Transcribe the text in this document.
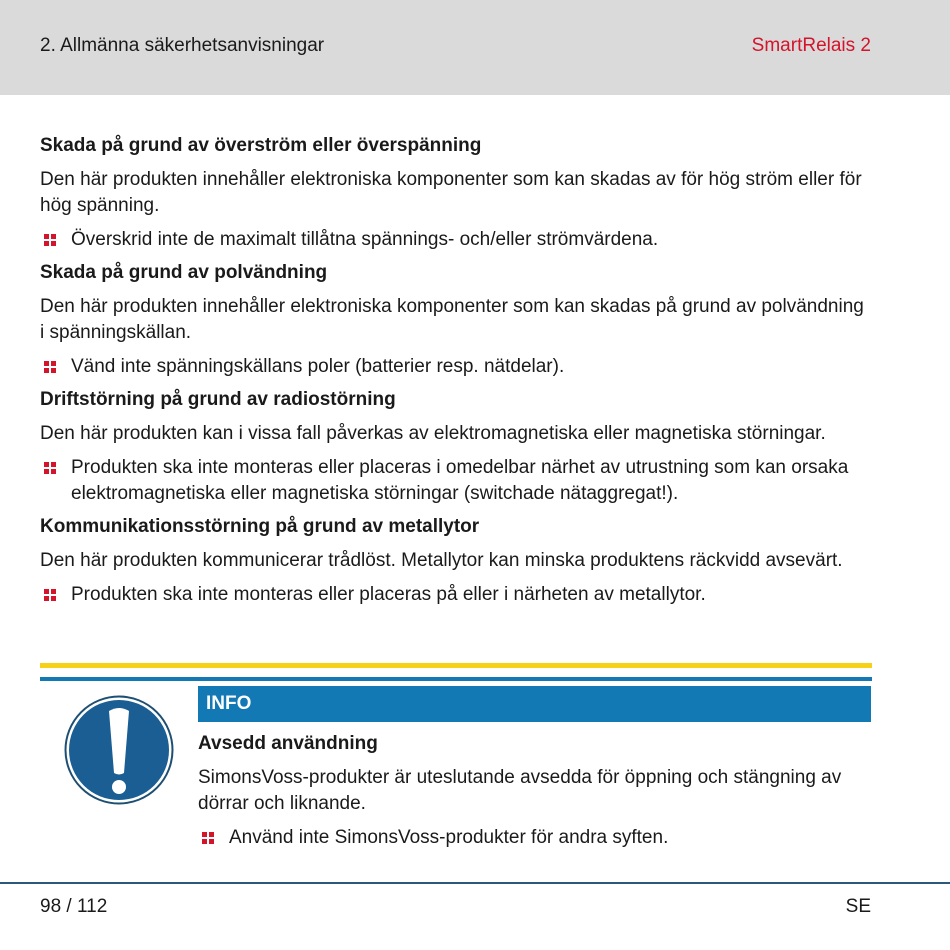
2. Allmänna säkerhetsanvisningar	SmartRelais 2
Skada på grund av överström eller överspänning
Den här produkten innehåller elektroniska komponenter som kan skadas av för hög ström eller för hög spänning.
Överskrid inte de maximalt tillåtna spännings- och/eller strömvärdena.
Skada på grund av polvändning
Den här produkten innehåller elektroniska komponenter som kan skadas på grund av polvändning i spänningskällan.
Vänd inte spänningskällans poler (batterier resp. nätdelar).
Driftstörning på grund av radiostörning
Den här produkten kan i vissa fall påverkas av elektromagnetiska eller magnetiska störningar.
Produkten ska inte monteras eller placeras i omedelbar närhet av utrustning som kan orsaka elektromagnetiska eller magnetiska störningar (switchade nätaggregat!).
Kommunikationsstörning på grund av metallytor
Den här produkten kommunicerar trådlöst. Metallytor kan minska produktens räckvidd avsevärt.
Produkten ska inte monteras eller placeras på eller i närheten av metallytor.
INFO
Avsedd användning
SimonsVoss-produkter är uteslutande avsedda för öppning och stängning av dörrar och liknande.
Använd inte SimonsVoss-produkter för andra syften.
98 / 112	SE
